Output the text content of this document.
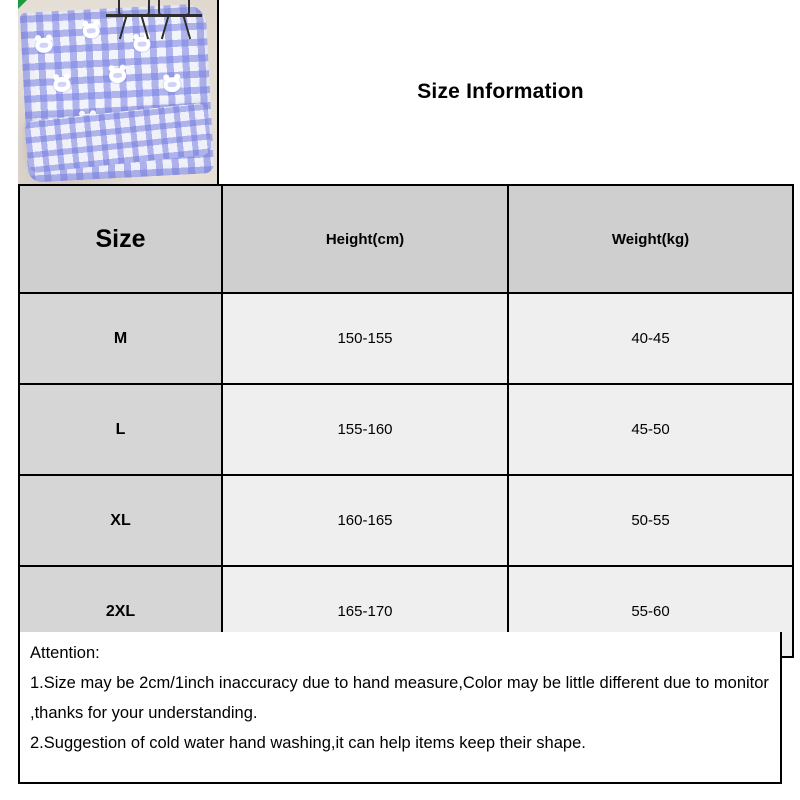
Size Information
Size	Height(cm)	Weight(kg)
M	150-155	40-45
L	155-160	45-50
XL	160-165	50-55
2XL	165-170	55-60
Attention:
1.Size may be 2cm/1inch inaccuracy due to hand measure,Color may be little different due to monitor ,thanks for your understanding.
2.Suggestion of cold water hand washing,it can help items keep their shape.
